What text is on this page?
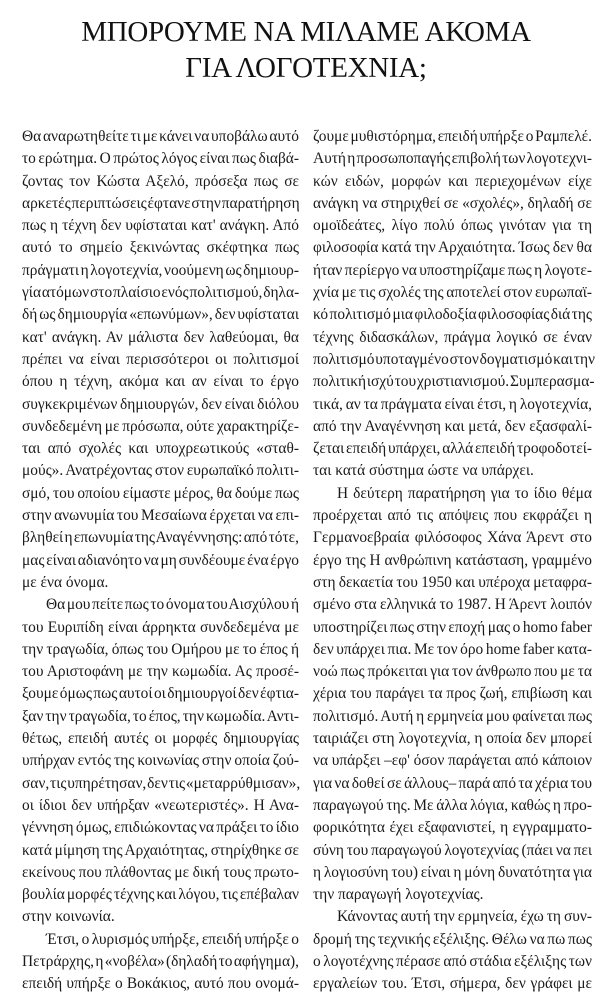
ΜΠΟΡΟΥΜΕ ΝΑ ΜΙΛΑΜΕ ΑΚΟΜΑ
ΓΙΑ ΛΟΓΟΤΕΧΝΙΑ;
Θα αναρωτηθείτε τι με κάνει να υποβάλω αυτό
το ερώτημα. Ο πρώτος λόγος είναι πως διαβά-
ζοντας τον Κώστα Αξελό, πρόσεξα πως σε
αρκετές περιπτώσεις έφτανε στην παρατήρηση
πως η τέχνη δεν υφίσταται κατ' ανάγκη. Από
αυτό το σημείο ξεκινώντας σκέφτηκα πως
πράγματι η λογοτεχνία, νοούμενη ως δημιουρ-
γία ατόμων στο πλαίσιο ενός πολιτισμού, δηλα-
δή ως δημιουργία «επωνύμων», δεν υφίσταται
κατ' ανάγκη. Αν μάλιστα δεν λαθεύομαι, θα
πρέπει να είναι περισσότεροι οι πολιτισμοί
όπου η τέχνη, ακόμα και αν είναι το έργο
συγκεκριμένων δημιουργών, δεν είναι διόλου
συνδεδεμένη με πρόσωπα, ούτε χαρακτηρίζε-
ται από σχολές και υποχρεωτικούς «σταθ-
μούς». Ανατρέχοντας στον ευρωπαϊκό πολιτι-
σμό, του οποίου είμαστε μέρος, θα δούμε πως
στην ανωνυμία του Μεσαίωνα έρχεται να επι-
βληθεί η επωνυμία της Αναγέννησης: από τότε,
μας είναι αδιανόητο να μη συνδέουμε ένα έργο
με ένα όνομα.
Θα μου πείτε πως το όνομα του Αισχύλου ή
του Ευριπίδη είναι άρρηκτα συνδεδεμένα με
την τραγωδία, όπως του Ομήρου με το έπος ή
του Αριστοφάνη με την κωμωδία. Ας προσέ-
ξουμε όμως πως αυτοί οι δημιουργοί δεν έφτια-
ξαν την τραγωδία, το έπος, την κωμωδία. Αντι-
θέτως, επειδή αυτές οι μορφές δημιουργίας
υπήρχαν εντός της κοινωνίας στην οποία ζού-
σαν, τις υπηρέτησαν, δεν τις «μεταρρύθμισαν»,
οι ίδιοι δεν υπήρξαν «νεωτεριστές». Η Ανα-
γέννηση όμως, επιδιώκοντας να πράξει το ίδιο
κατά μίμηση της Αρχαιότητας, στηρίχθηκε σε
εκείνους που πλάθοντας με δική τους πρωτο-
βουλία μορφές τέχνης και λόγου, τις επέβαλαν
στην κοινωνία.
Έτσι, ο λυρισμός υπήρξε, επειδή υπήρξε ο
Πετράρχης, η «νοβέλα» (δηλαδή το αφήγημα),
επειδή υπήρξε ο Βοκάκιος, αυτό που ονομά-
ζουμε μυθιστόρημα, επειδή υπήρξε ο Ραμπελέ.
Αυτή η προσωποπαγής επιβολή των λογοτεχνι-
κών ειδών, μορφών και περιεχομένων είχε
ανάγκη να στηριχθεί σε «σχολές», δηλαδή σε
ομοϊδεάτες, λίγο πολύ όπως γινόταν για τη
φιλοσοφία κατά την Αρχαιότητα. Ίσως δεν θα
ήταν περίεργο να υποστηρίζαμε πως η λογοτε-
χνία με τις σχολές της αποτελεί στον ευρωπαϊ-
κό πολιτισμό μια φιλοδοξία φιλοσοφίας διά της
τέχνης διδασκάλων, πράγμα λογικό σε έναν
πολιτισμό υποταγμένο στον δογματισμό και την
πολιτική ισχύ του χριστιανισμού. Συμπερασμα-
τικά, αν τα πράγματα είναι έτσι, η λογοτεχνία,
από την Αναγέννηση και μετά, δεν εξασφαλί-
ζεται επειδή υπάρχει, αλλά επειδή τροφοδοτεί-
ται κατά σύστημα ώστε να υπάρχει.
Η δεύτερη παρατήρηση για το ίδιο θέμα
προέρχεται από τις απόψεις που εκφράζει η
Γερμανοεβραία φιλόσοφος Χάνα Άρεντ στο
έργο της Η ανθρώπινη κατάσταση, γραμμένο
στη δεκαετία του 1950 και υπέροχα μεταφρα-
σμένο στα ελληνικά το 1987. Η Άρεντ λοιπόν
υποστηρίζει πως στην εποχή μας ο homo faber
δεν υπάρχει πια. Με τον όρο home faber κατα-
νοώ πως πρόκειται για τον άνθρωπο που με τα
χέρια του παράγει τα προς ζωή, επιβίωση και
πολιτισμό. Αυτή η ερμηνεία μου φαίνεται πως
ταιριάζει στη λογοτεχνία, η οποία δεν μπορεί
να υπάρξει –εφ' όσον παράγεται από κάποιον
για να δοθεί σε άλλους– παρά από τα χέρια του
παραγωγού της. Με άλλα λόγια, καθώς η προ-
φορικότητα έχει εξαφανιστεί, η εγγραμματο-
σύνη του παραγωγού λογοτεχνίας (πάει να πει
η λογιοσύνη του) είναι η μόνη δυνατότητα για
την παραγωγή λογοτεχνίας.
Κάνοντας αυτή την ερμηνεία, έχω τη συν-
δρομή της τεχνικής εξέλιξης. Θέλω να πω πως
ο λογοτέχνης πέρασε από στάδια εξέλιξης των
εργαλείων του. Έτσι, σήμερα, δεν γράφει με
